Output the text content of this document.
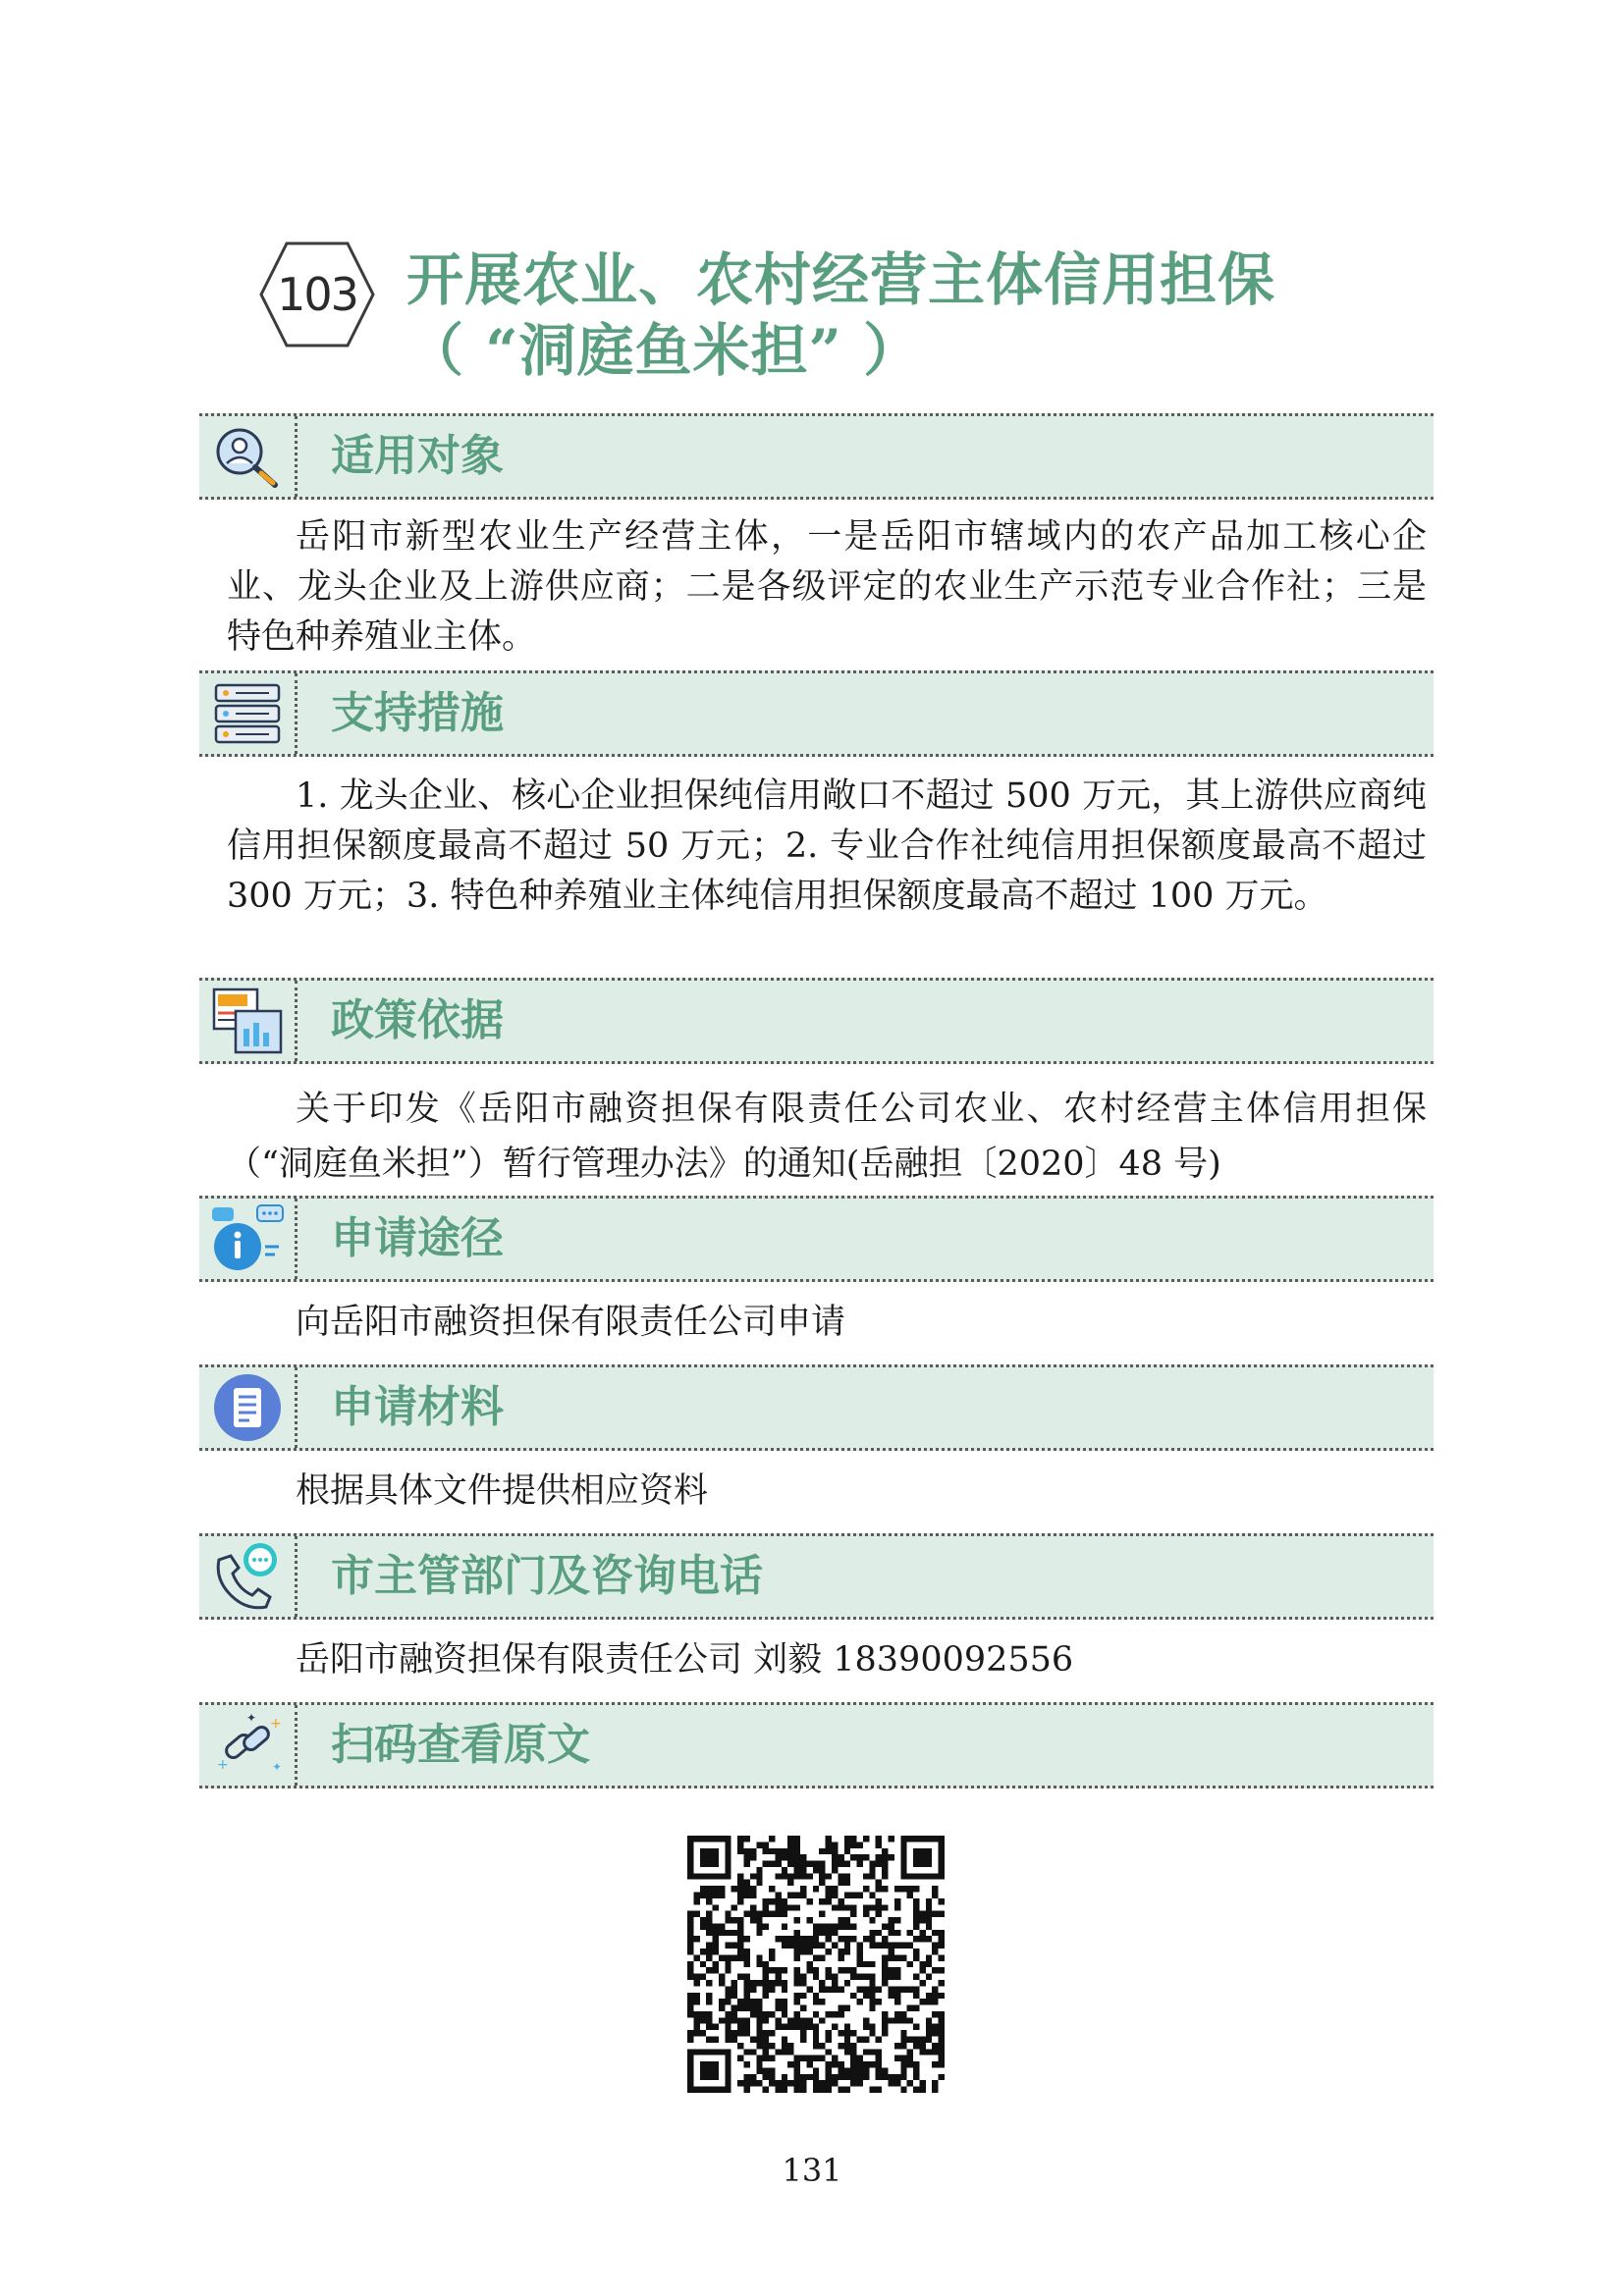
103 开展农业、农村经营主体信用担保
（ “洞庭鱼米担” ）
适用对象
岳阳市新型农业生产经营主体，一是岳阳市辖域内的农产品加工核心企业、龙头企业及上游供应商；二是各级评定的农业生产示范专业合作社；三是特色种养殖业主体。
支持措施
1. 龙头企业、核心企业担保纯信用敞口不超过 500 万元，其上游供应商纯信用担保额度最高不超过 50 万元；2. 专业合作社纯信用担保额度最高不超过 300 万元；3. 特色种养殖业主体纯信用担保额度最高不超过 100 万元。
政策依据
关于印发《岳阳市融资担保有限责任公司农业、农村经营主体信用担保（“洞庭鱼米担”）暂行管理办法》的通知(岳融担〔2020〕48 号)
申请途径
向岳阳市融资担保有限责任公司申请
申请材料
根据具体文件提供相应资料
市主管部门及咨询电话
岳阳市融资担保有限责任公司 刘毅 18390092556
+
+
✦
✦
扫码查看原文
131
